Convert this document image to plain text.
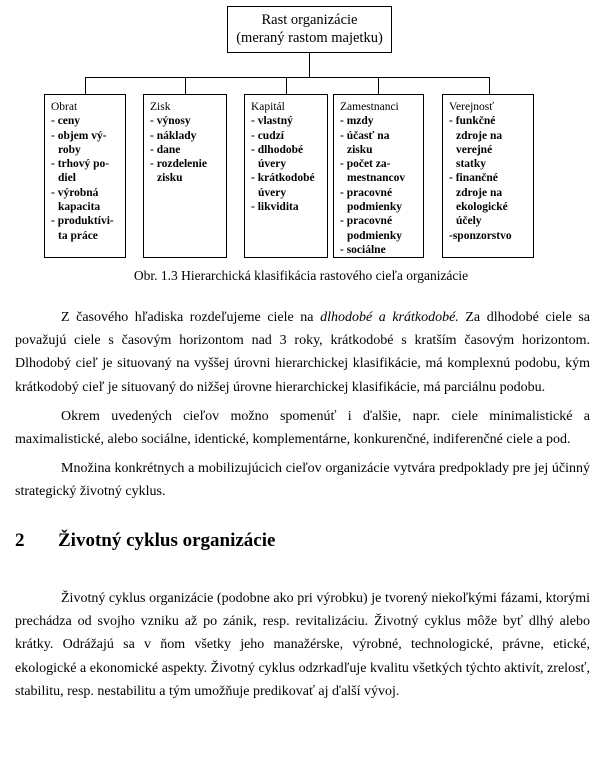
Rast organizácie
(meraný rastom majetku)
Obrat
- ceny
- objem vý-
roby
- trhový po-
diel
- výrobná
kapacita
- produktívi-
ta práce
Zisk
- výnosy
- náklady
- dane
- rozdelenie
zisku
Kapitál
- vlastný
- cudzí
- dlhodobé
úvery
- krátkodobé
úvery
- likvidita
Zamestnanci
- mzdy
- účasť na
zisku
- počet za-
mestnancov
- pracovné
podmienky
- pracovné
podmienky
- sociálne
Verejnosť
- funkčné
zdroje na
verejné
statky
- finančné
zdroje na
ekologické
účely
-sponzorstvo
Obr. 1.3 Hierarchická klasifikácia rastového cieľa organizácie

Z časového hľadiska rozdeľujeme ciele na dlhodobé a krátkodobé. Za dlhodobé ciele sa považujú ciele s časovým horizontom nad 3 roky, krátkodobé s kratším časovým horizontom. Dlhodobý cieľ je situovaný na vyššej úrovni hierarchickej klasifikácie, má komplexnú podobu, kým krátkodobý cieľ je situovaný do nižšej úrovne hierarchickej klasifikácie, má parciálnu podobu.

Okrem uvedených cieľov možno spomenúť i ďalšie, napr. ciele minimalistické a maximalistické, alebo sociálne, identické, komplementárne, konkurenčné, indiferenčné ciele a pod.

Množina konkrétnych a mobilizujúcich cieľov organizácie vytvára predpoklady pre jej účinný strategický životný cyklus.

2 Životný cyklus organizácie

Životný cyklus organizácie (podobne ako pri výrobku) je tvorený niekoľkými fázami, ktorými prechádza od svojho vzniku až po zánik, resp. revitalizáciu. Životný cyklus môže byť dlhý alebo krátky. Odrážajú sa v ňom všetky jeho manažérske, výrobné, technologické, právne, etické, ekologické a ekonomické aspekty. Životný cyklus odzrkadľuje kvalitu všetkých týchto aktivít, zrelosť, stabilitu, resp. nestabilitu a tým umožňuje predikovať aj ďalší vývoj.
